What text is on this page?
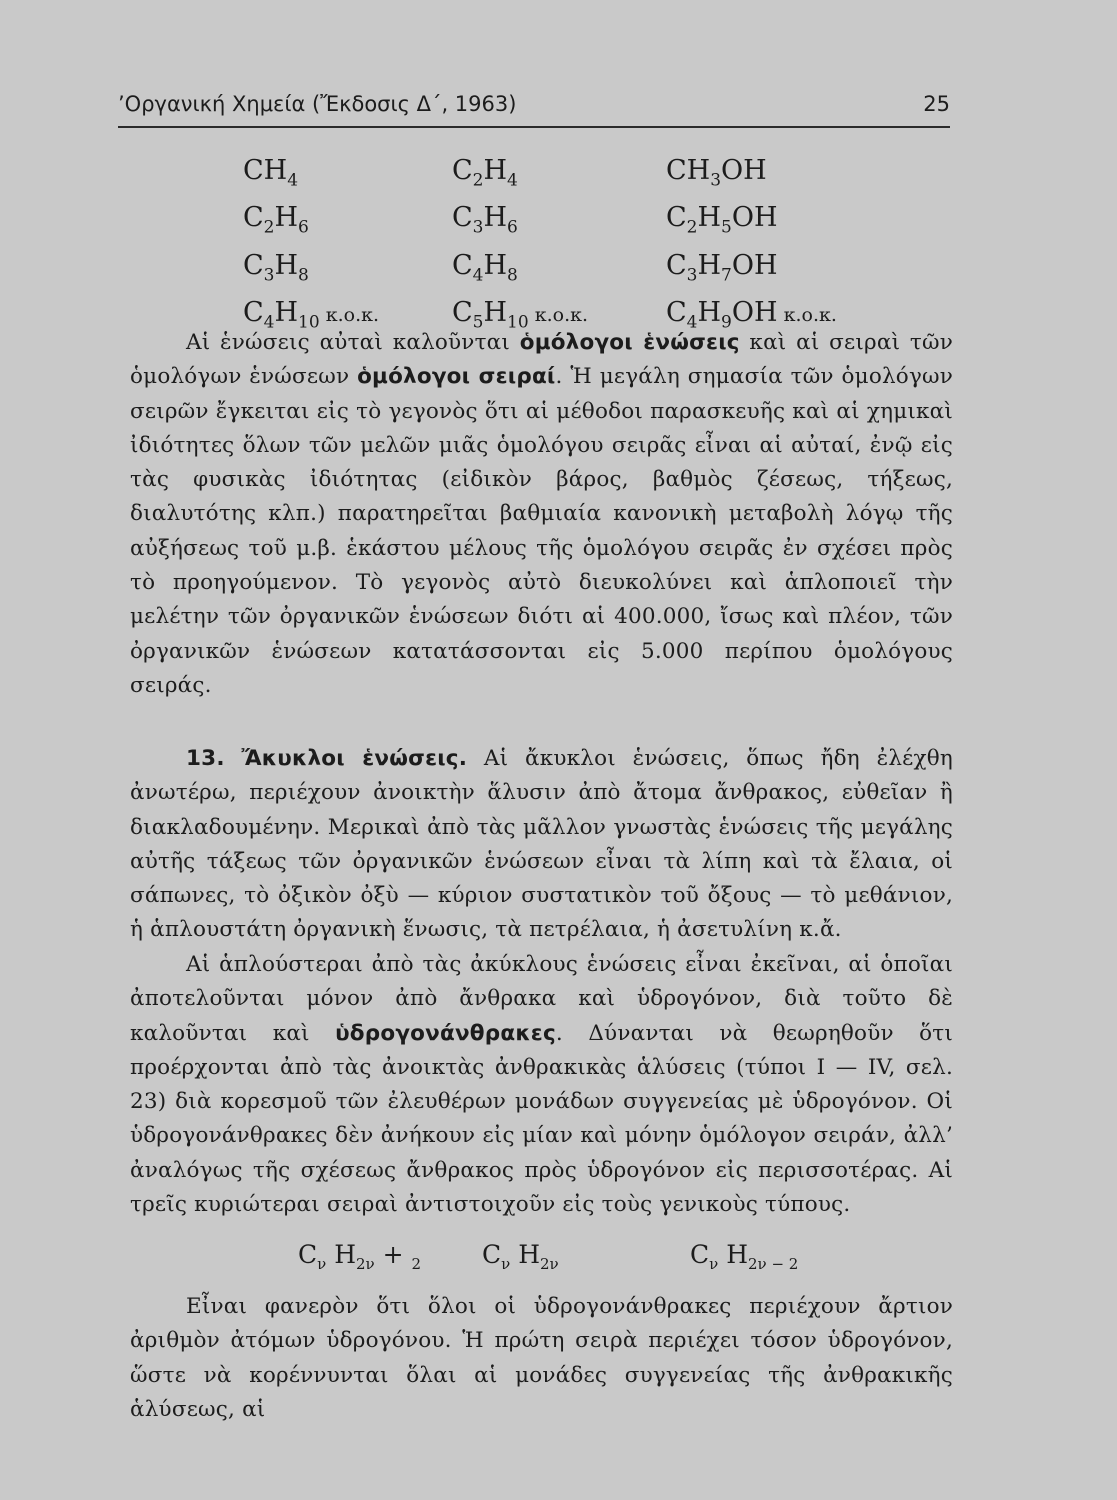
’Οργανική Χημεία (Ἔκδοσις Δ΄, 1963)	25
$CH_4$
$C_2H_6$
$C_3H_8$
$C_4H_{10}$ κ.ο.κ.
$C_2H_4$
$C_3H_6$
$C_4H_8$
$C_5H_{10}$ κ.ο.κ.
$CH_3OH$
$C_2H_5OH$
$C_3H_7OH$
$C_4H_9OH$ κ.ο.κ.

Αἱ ἑνώσεις αὐταὶ καλοῦνται ὁμόλογοι ἑνώσεις καὶ αἱ σειραὶ τῶν ὁμολόγων ἑνώσεων ὁμόλογοι σειραί. Ἡ μεγάλη σημασία τῶν ὁμολόγων σειρῶν ἔγκειται εἰς τὸ γεγονὸς ὅτι αἱ μέθοδοι παρασκευῆς καὶ αἱ χημικαὶ ἰδιότητες ὅλων τῶν μελῶν μιᾶς ὁμολόγου σειρᾶς εἶναι αἱ αὐταί, ἐνῷ εἰς τὰς φυσικὰς ἰδιότητας (εἰδικὸν βάρος, βαθμὸς ζέσεως, τήξεως, διαλυτότης κλπ.) παρατηρεῖται βαθμιαία κανονικὴ μεταβολὴ λόγῳ τῆς αὐξήσεως τοῦ μ.β. ἑκάστου μέλους τῆς ὁμολόγου σειρᾶς ἐν σχέσει πρὸς τὸ προηγούμενον. Τὸ γεγονὸς αὐτὸ διευκολύνει καὶ ἁπλοποιεῖ τὴν μελέτην τῶν ὀργανικῶν ἑνώσεων διότι αἱ 400.000, ἴσως καὶ πλέον, τῶν ὀργανικῶν ἑνώσεων κατατάσσονται εἰς 5.000 περίπου ὁμολόγους σειράς.

13. Ἄκυκλοι ἑνώσεις. Αἱ ἄκυκλοι ἑνώσεις, ὅπως ἤδη ἐλέχθη ἀνωτέρω, περιέχουν ἀνοικτὴν ἅλυσιν ἀπὸ ἄτομα ἄνθρακος, εὐθεῖαν ἢ διακλαδουμένην. Μερικαὶ ἀπὸ τὰς μᾶλλον γνωστὰς ἑνώσεις τῆς μεγάλης αὐτῆς τάξεως τῶν ὀργανικῶν ἑνώσεων εἶναι τὰ λίπη καὶ τὰ ἔλαια, οἱ σάπωνες, τὸ ὀξικὸν ὀξὺ — κύριον συστατικὸν τοῦ ὄξους — τὸ μεθάνιον, ἡ ἁπλουστάτη ὀργανικὴ ἕνωσις, τὰ πετρέλαια, ἡ ἀσετυλίνη κ.ἄ.

Αἱ ἁπλούστεραι ἀπὸ τὰς ἀκύκλους ἑνώσεις εἶναι ἐκεῖναι, αἱ ὁποῖαι ἀποτελοῦνται μόνον ἀπὸ ἄνθρακα καὶ ὑδρογόνον, διὰ τοῦτο δὲ καλοῦνται καὶ ὑδρογονάνθρακες. Δύνανται νὰ θεωρηθοῦν ὅτι προέρχονται ἀπὸ τὰς ἀνοικτὰς ἀνθρακικὰς ἁλύσεις (τύποι I — IV, σελ. 23) διὰ κορεσμοῦ τῶν ἐλευθέρων μονάδων συγγενείας μὲ ὑδρογόνον. Οἱ ὑδρογονάνθρακες δὲν ἀνήκουν εἰς μίαν καὶ μόνην ὁμόλογον σειράν, ἀλλ’ ἀναλόγως τῆς σχέσεως ἄνθρακος πρὸς ὑδρογόνον εἰς περισσοτέρας. Αἱ τρεῖς κυριώτεραι σειραὶ ἀντιστοιχοῦν εἰς τοὺς γενικοὺς τύπους.

$C_\nu$ $H_{2\nu} + _2$ $C_\nu$ $H_{2\nu}$	$C_\nu$ $H_{2\nu - 2}$

Εἶναι φανερὸν ὅτι ὅλοι οἱ ὑδρογονάνθρακες περιέχουν ἄρτιον ἀριθμὸν ἀτόμων ὑδρογόνου. Ἡ πρώτη σειρὰ περιέχει τόσον ὑδρογόνον, ὥστε νὰ κορέννυνται ὅλαι αἱ μονάδες συγγενείας τῆς ἀνθρακικῆς ἁλύσεως, αἱ
